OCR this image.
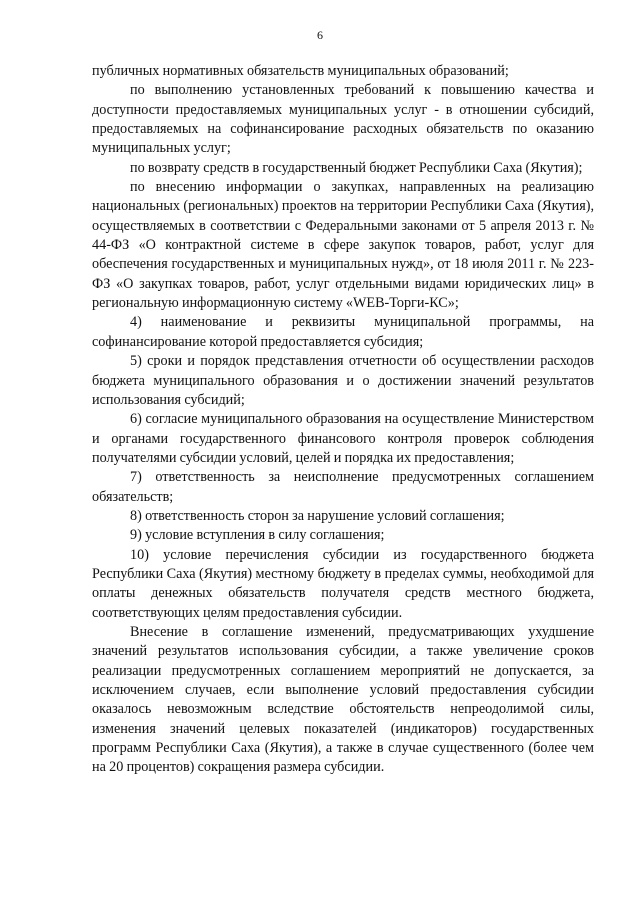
6

публичных нормативных обязательств муниципальных образований;

по выполнению установленных требований к повышению качества и доступности предоставляемых муниципальных услуг - в отношении субсидий, предоставляемых на софинансирование расходных обязательств по оказанию муниципальных услуг;

по возврату средств в государственный бюджет Республики Саха (Якутия);

по внесению информации о закупках, направленных на реализацию национальных (региональных) проектов на территории Республики Саха (Якутия), осуществляемых в соответствии с Федеральными законами от 5 апреля 2013 г. № 44-ФЗ «О контрактной системе в сфере закупок товаров, работ, услуг для обеспечения государственных и муниципальных нужд», от 18 июля 2011 г. № 223-ФЗ «О закупках товаров, работ, услуг отдельными видами юридических лиц» в региональную информационную систему «WEB-Торги-КС»;

4) наименование и реквизиты муниципальной программы, на софинансирование которой предоставляется субсидия;

5) сроки и порядок представления отчетности об осуществлении расходов бюджета муниципального образования и о достижении значений результатов использования субсидий;

6) согласие муниципального образования на осуществление Министерством и органами государственного финансового контроля проверок соблюдения получателями субсидии условий, целей и порядка их предоставления;

7) ответственность за неисполнение предусмотренных соглашением обязательств;

8) ответственность сторон за нарушение условий соглашения;

9) условие вступления в силу соглашения;

10) условие перечисления субсидии из государственного бюджета Республики Саха (Якутия) местному бюджету в пределах суммы, необходимой для оплаты денежных обязательств получателя средств местного бюджета, соответствующих целям предоставления субсидии.

Внесение в соглашение изменений, предусматривающих ухудшение значений результатов использования субсидии, а также увеличение сроков реализации предусмотренных соглашением мероприятий не допускается, за исключением случаев, если выполнение условий предоставления субсидии оказалось невозможным вследствие обстоятельств непреодолимой силы, изменения значений целевых показателей (индикаторов) государственных программ Республики Саха (Якутия), а также в случае существенного (более чем на 20 процентов) сокращения размера субсидии.
